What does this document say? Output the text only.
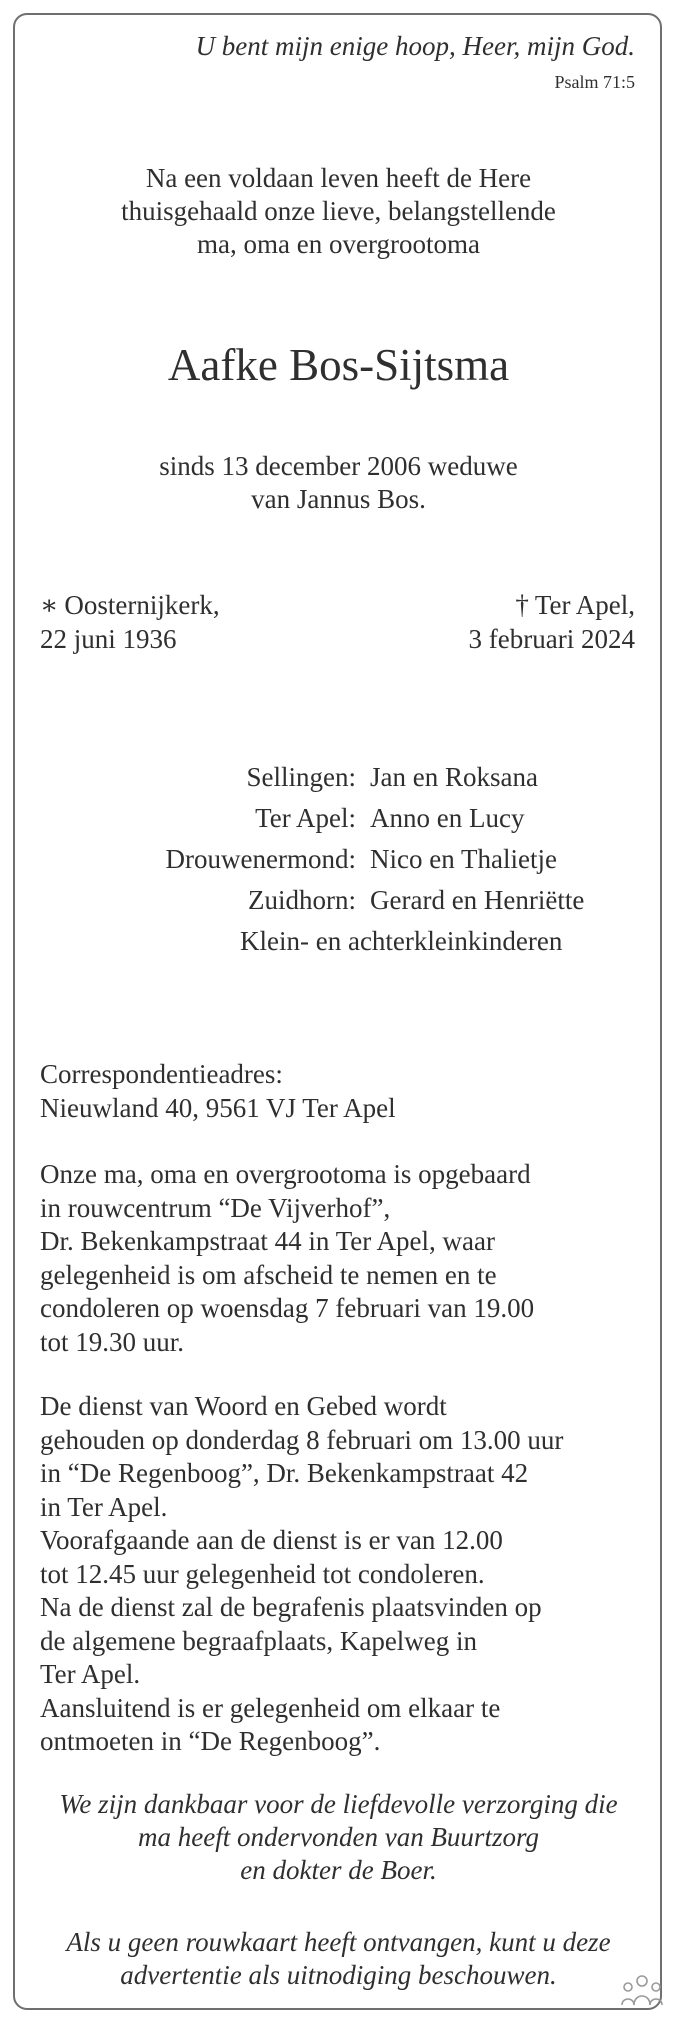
U bent mijn enige hoop, Heer, mijn God.
Psalm 71:5
Na een voldaan leven heeft de Here
thuisgehaald onze lieve, belangstellende
ma, oma en overgrootoma
Aafke Bos-Sijtsma
sinds 13 december 2006 weduwe
van Jannus Bos.
∗ Oosternijkerk,
22 juni 1936
† Ter Apel,
3 februari 2024
Sellingen: Jan en Roksana
Ter Apel: Anno en Lucy
Drouwenermond: Nico en Thalietje
Zuidhorn: Gerard en Henriëtte
Klein- en achterkleinkinderen
Correspondentieadres:
Nieuwland 40, 9561 VJ Ter Apel
Onze ma, oma en overgrootoma is opgebaard
in rouwcentrum “De Vijverhof”,
Dr. Bekenkampstraat 44 in Ter Apel, waar
gelegenheid is om afscheid te nemen en te
condoleren op woensdag 7 februari van 19.00
tot 19.30 uur.
De dienst van Woord en Gebed wordt
gehouden op donderdag 8 februari om 13.00 uur
in “De Regenboog”, Dr. Bekenkampstraat 42
in Ter Apel.
Voorafgaande aan de dienst is er van 12.00
tot 12.45 uur gelegenheid tot condoleren.
Na de dienst zal de begrafenis plaatsvinden op
de algemene begraafplaats, Kapelweg in
Ter Apel.
Aansluitend is er gelegenheid om elkaar te
ontmoeten in “De Regenboog”.
We zijn dankbaar voor de liefdevolle verzorging die
ma heeft ondervonden van Buurtzorg
en dokter de Boer.
Als u geen rouwkaart heeft ontvangen, kunt u deze
advertentie als uitnodiging beschouwen.
